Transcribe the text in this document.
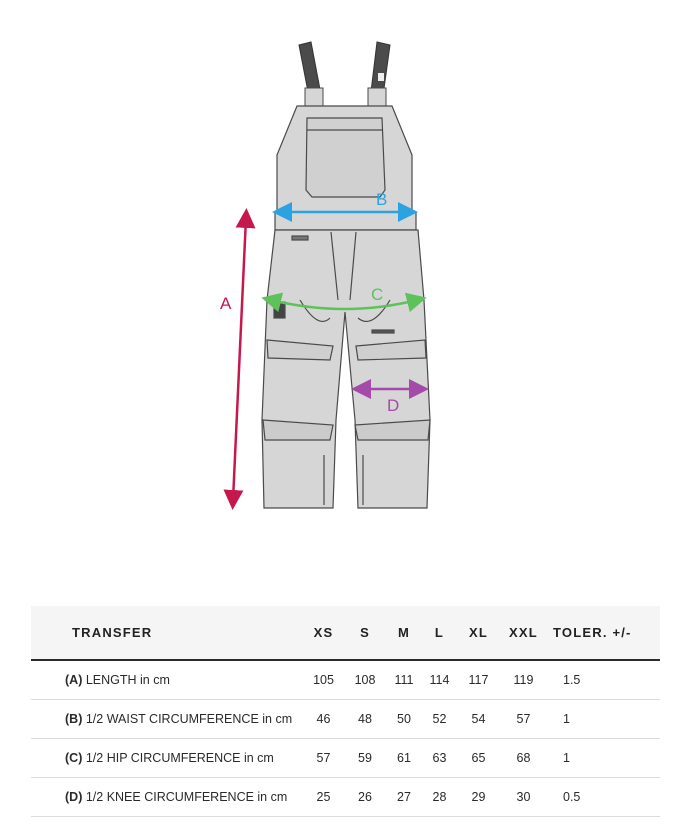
A
B
C
D
TRANSFER	XS	S	M	L	XL	XXL	TOLER. +/-
(A) LENGTH in cm	105	108	111	114	117	119	1.5
(B) 1/2 WAIST CIRCUMFERENCE in cm	46	48	50	52	54	57	1
(C) 1/2 HIP CIRCUMFERENCE in cm	57	59	61	63	65	68	1
(D) 1/2 KNEE CIRCUMFERENCE in cm	25	26	27	28	29	30	0.5
